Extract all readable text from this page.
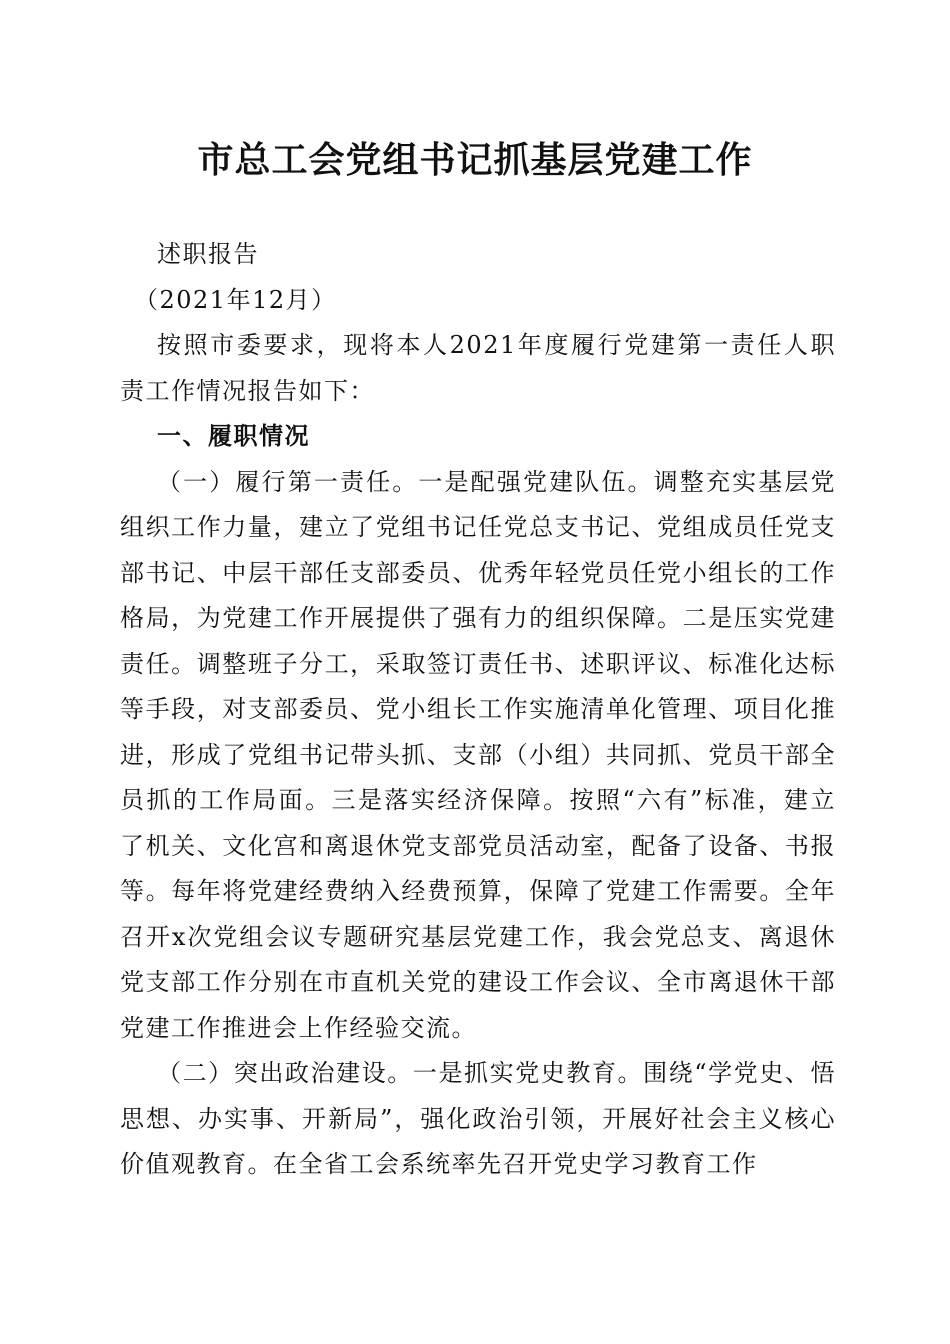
市总工会党组书记抓基层党建工作

述职报告

（2021年12月）

按照市委要求，现将本人2021年度履行党建第一责任人职责工作情况报告如下：

一、履职情况

（一）履行第一责任。一是配强党建队伍。调整充实基层党组织工作力量，建立了党组书记任党总支书记、党组成员任党支部书记、中层干部任支部委员、优秀年轻党员任党小组长的工作格局，为党建工作开展提供了强有力的组织保障。二是压实党建责任。调整班子分工，采取签订责任书、述职评议、标准化达标等手段，对支部委员、党小组长工作实施清单化管理、项目化推进，形成了党组书记带头抓、支部（小组）共同抓、党员干部全员抓的工作局面。三是落实经济保障。按照“六有”标准，建立了机关、文化宫和离退休党支部党员活动室，配备了设备、书报等。每年将党建经费纳入经费预算，保障了党建工作需要。全年召开x次党组会议专题研究基层党建工作，我会党总支、离退休党支部工作分别在市直机关党的建设工作会议、全市离退休干部党建工作推进会上作经验交流。

（二）突出政治建设。一是抓实党史教育。围绕“学党史、悟思想、办实事、开新局”，强化政治引领，开展好社会主义核心价值观教育。在全省工会系统率先召开党史学习教育工作
